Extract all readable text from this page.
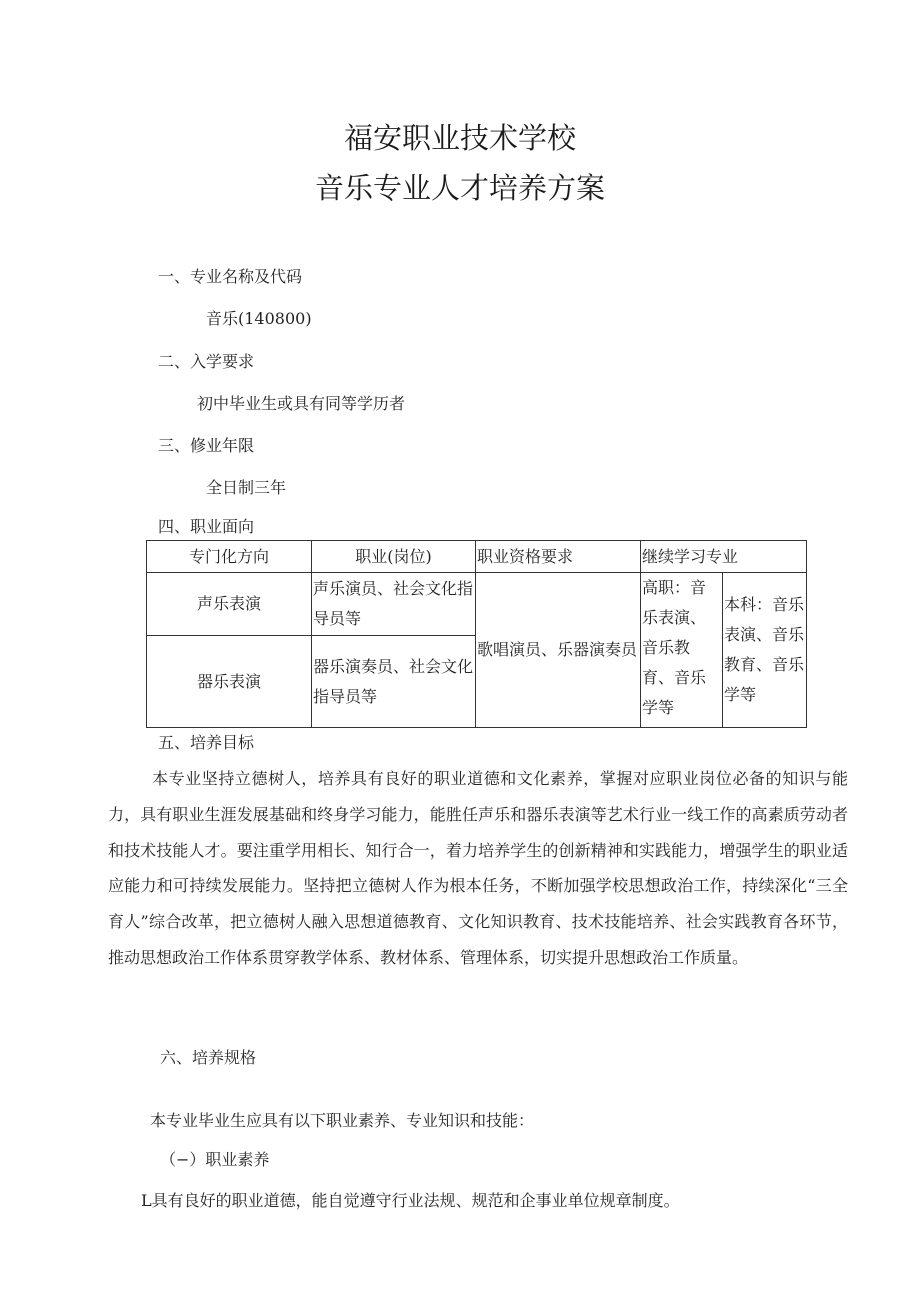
福安职业技术学校
音乐专业人才培养方案
一、专业名称及代码
音乐(140800)
二、入学要求
初中毕业生或具有同等学历者
三、修业年限
全日制三年
四、职业面向
专门化方向	职业(岗位)	职业资格要求	继续学习专业	
声乐表演	声乐演员、社会文化指导员等	歌唱演员、乐器演奏员	高职：音乐表演、音乐教育、音乐学等	本科：音乐表演、音乐教育、音乐学等
器乐表演	器乐演奏员、社会文化指导员等			
五、培养目标

本专业坚持立德树人，培养具有良好的职业道德和文化素养，掌握对应职业岗位必备的知识与能力，具有职业生涯发展基础和终身学习能力，能胜任声乐和器乐表演等艺术行业一线工作的高素质劳动者和技术技能人才。要注重学用相长、知行合一，着力培养学生的创新精神和实践能力，增强学生的职业适应能力和可持续发展能力。坚持把立德树人作为根本任务，不断加强学校思想政治工作，持续深化“三全育人”综合改革，把立德树人融入思想道德教育、文化知识教育、技术技能培养、社会实践教育各环节，推动思想政治工作体系贯穿教学体系、教材体系、管理体系，切实提升思想政治工作质量。

六、培养规格
本专业毕业生应具有以下职业素养、专业知识和技能：
（−）职业素养
L具有良好的职业道德，能自觉遵守行业法规、规范和企事业单位规章制度。
